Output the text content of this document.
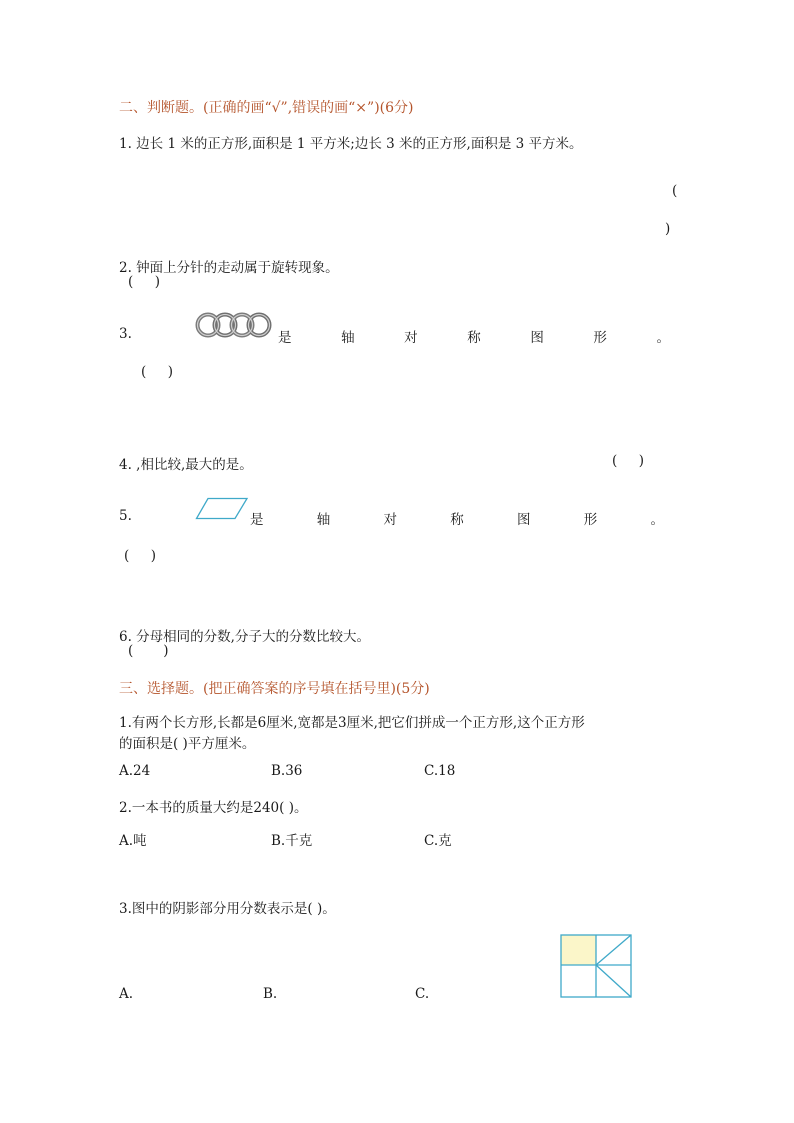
二、判断题。(正确的画“√”,错误的画“×”)(6分)
1. 边长 1 米的正方形,面积是 1 平方米;边长 3 米的正方形,面积是 3 平方米。
(
)
2. 钟面上分针的走动属于旋转现象。
(     )
3.	是	轴	对	称	图	形	。
(     )
4. ,相比较,最大的是。	(     )
5.	是	轴	对	称	图	形	。
(     )
6. 分母相同的分数,分子大的分数比较大。
(       )
三、选择题。(把正确答案的序号填在括号里)(5分)
1.有两个长方形,长都是6厘米,宽都是3厘米,把它们拼成一个正方形,这个正方形
的面积是( )平方厘米。
A.24	B.36	C.18
2.一本书的质量大约是240( )。
A.吨	B.千克	C.克
3.图中的阴影部分用分数表示是( )。
A.	B.	C.
